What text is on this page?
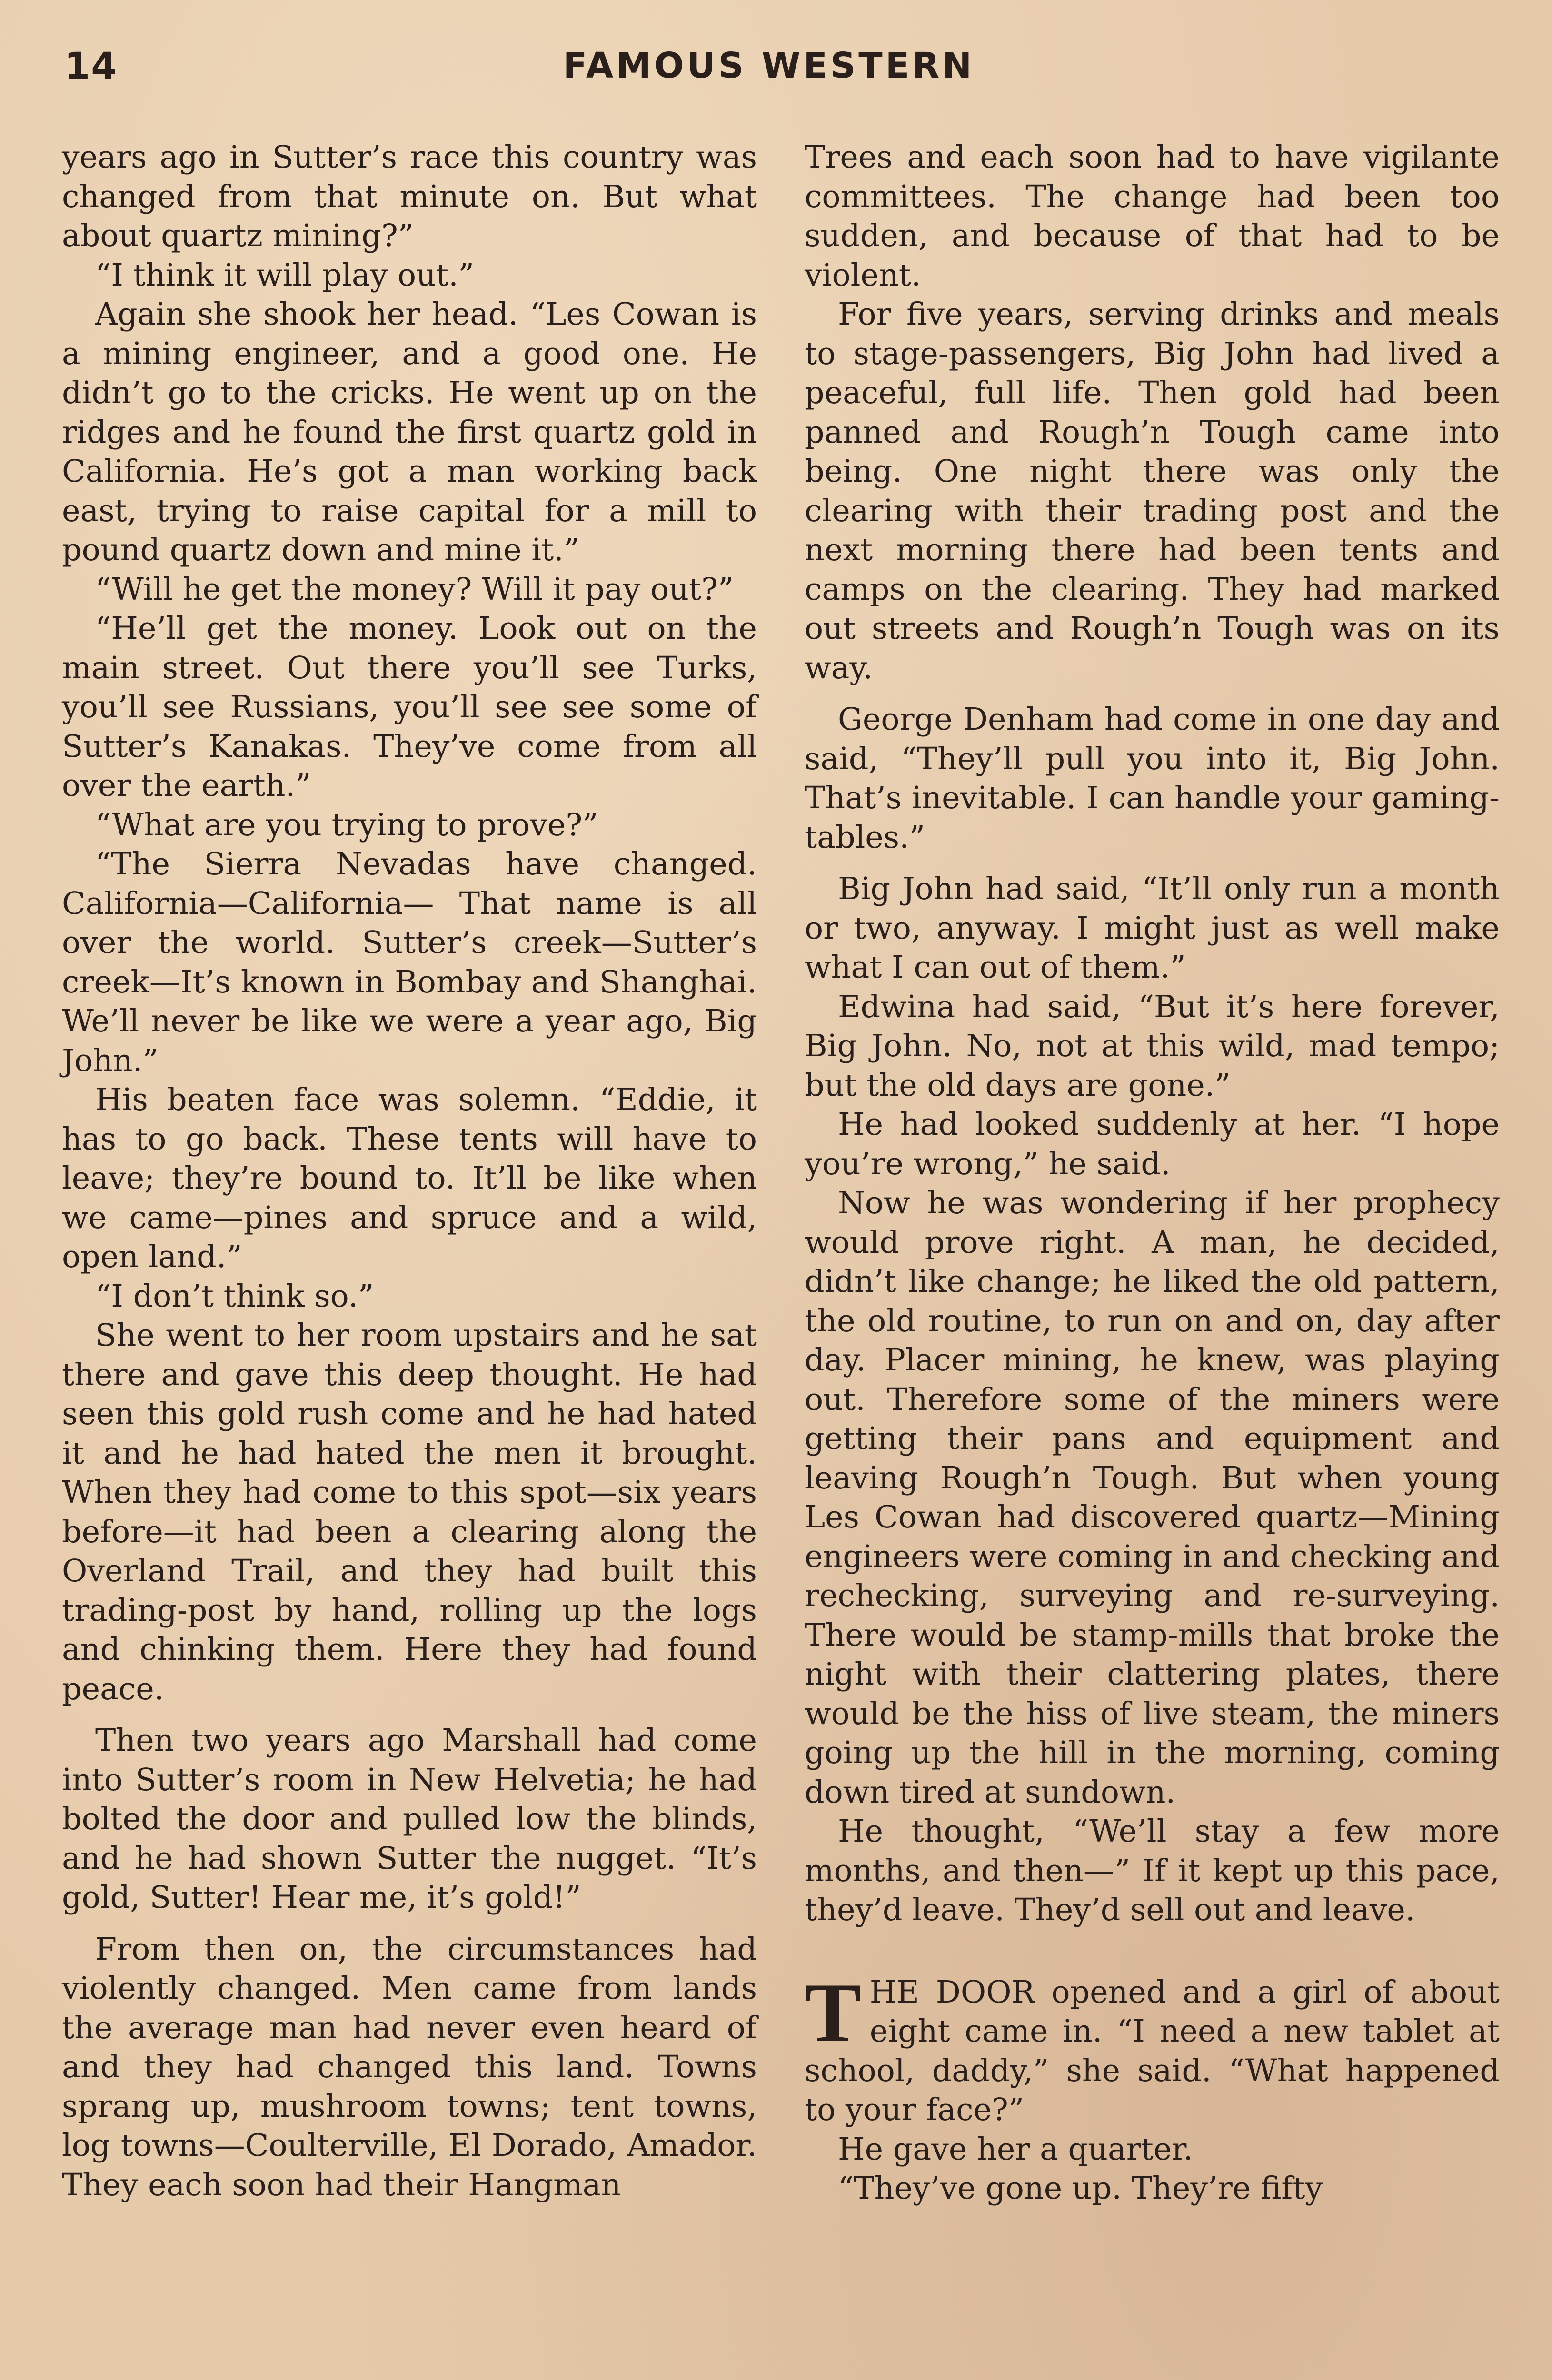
14	FAMOUS WESTERN

years ago in Sutter’s race this country was changed from that minute on. But what about quartz mining?”

“I think it will play out.”

Again she shook her head. “Les Cowan is a mining engineer, and a good one. He didn’t go to the cricks. He went up on the ridges and he found the first quartz gold in California. He’s got a man working back east, trying to raise capital for a mill to pound quartz down and mine it.”

“Will he get the money? Will it pay out?”

“He’ll get the money. Look out on the main street. Out there you’ll see Turks, you’ll see Russians, you’ll see see some of Sutter’s Kanakas. They’ve come from all over the earth.”

“What are you trying to prove?”

“The Sierra Nevadas have changed. California—California— That name is all over the world. Sutter’s creek—Sutter’s creek—It’s known in Bombay and Shanghai. We’ll never be like we were a year ago, Big John.”

His beaten face was solemn. “Eddie, it has to go back. These tents will have to leave; they’re bound to. It’ll be like when we came—pines and spruce and a wild, open land.”

“I don’t think so.”

She went to her room upstairs and he sat there and gave this deep thought. He had seen this gold rush come and he had hated it and he had hated the men it brought. When they had come to this spot—six years before—it had been a clearing along the Overland Trail, and they had built this trading-post by hand, rolling up the logs and chinking them. Here they had found peace.

Then two years ago Marshall had come into Sutter’s room in New Helvetia; he had bolted the door and pulled low the blinds, and he had shown Sutter the nugget. “It’s gold, Sutter! Hear me, it’s gold!”

From then on, the circumstances had violently changed. Men came from lands the average man had never even heard of and they had changed this land. Towns sprang up, mushroom towns; tent towns, log towns—Coulterville, El Dorado, Amador. They each soon had their Hangman

Trees and each soon had to have vigilante committees. The change had been too sudden, and because of that had to be violent.

For five years, serving drinks and meals to stage-passengers, Big John had lived a peaceful, full life. Then gold had been panned and Rough’n Tough came into being. One night there was only the clearing with their trading post and the next morning there had been tents and camps on the clearing. They had marked out streets and Rough’n Tough was on its way.

George Denham had come in one day and said, “They’ll pull you into it, Big John. That’s inevitable. I can handle your gaming-tables.”

Big John had said, “It’ll only run a month or two, anyway. I might just as well make what I can out of them.”

Edwina had said, “But it’s here forever, Big John. No, not at this wild, mad tempo; but the old days are gone.”

He had looked suddenly at her. “I hope you’re wrong,” he said.

Now he was wondering if her prophecy would prove right. A man, he decided, didn’t like change; he liked the old pattern, the old routine, to run on and on, day after day. Placer mining, he knew, was playing out. Therefore some of the miners were getting their pans and equipment and leaving Rough’n Tough. But when young Les Cowan had discovered quartz—Mining engineers were coming in and checking and rechecking, surveying and re-surveying. There would be stamp-mills that broke the night with their clattering plates, there would be the hiss of live steam, the miners going up the hill in the morning, coming down tired at sundown.

He thought, “We’ll stay a few more months, and then—” If it kept up this pace, they’d leave. They’d sell out and leave.

THE DOOR opened and a girl of about eight came in. “I need a new tablet at school, daddy,” she said. “What happened to your face?”

He gave her a quarter.

“They’ve gone up. They’re fifty
